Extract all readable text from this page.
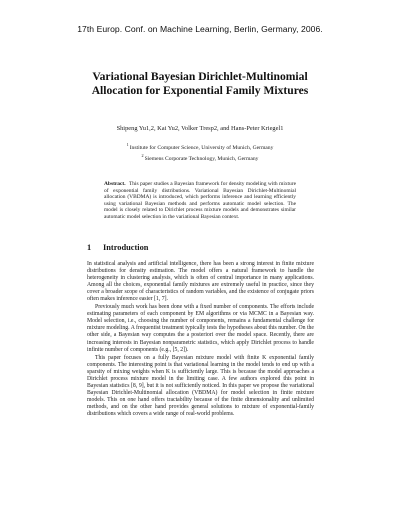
17th Europ. Conf. on Machine Learning, Berlin, Germany, 2006.
Variational Bayesian Dirichlet-Multinomial Allocation for Exponential Family Mixtures
Shipeng Yu1,2, Kai Yu2, Volker Tresp2, and Hans-Peter Kriegel1
$^1$Institute for Computer Science, University of Munich, Germany
$^2$Siemens Corporate Technology, Munich, Germany
Abstract. This paper studies a Bayesian framework for density modeling with mixture of exponential family distributions. Variational Bayesian Dirichlet-Multinomial allocation (VBDMA) is introduced, which performs inference and learning efficiently using variational Bayesian methods and performs automatic model selection. The model is closely related to Dirichlet process mixture models and demonstrates similar automatic model selection in the variational Bayesian context.
1 Introduction

In statistical analysis and artificial intelligence, there has been a strong interest in finite mixture distributions for density estimation. The model offers a natural framework to handle the heterogeneity in clustering analysis, which is often of central importance in many applications. Among all the choices, exponential family mixtures are extremely useful in practice, since they cover a broader scope of characteristics of random variables, and the existence of conjugate priors often makes inference easier [1, 7].

Previously much work has been done with a fixed number of components. The efforts include estimating parameters of each component by EM algorithms or via MCMC in a Bayesian way. Model selection, i.e., choosing the number of components, remains a fundamental challenge for mixture modeling. A frequentist treatment typically tests the hypotheses about this number. On the other side, a Bayesian way computes the a posteriori over the model space. Recently, there are increasing interests in Bayesian nonparametric statistics, which apply Dirichlet process to handle infinite number of components (e.g., [5, 2]).

This paper focuses on a fully Bayesian mixture model with finite K exponential family components. The interesting point is that variational learning in the model tends to end up with a sparsity of mixing weights when K is sufficiently large. This is because the model approaches a Dirichlet process mixture model in the limiting case. A few authors explored this point in Bayesian statistics [8, 9], but it is not sufficiently noticed. In this paper we propose the variational Bayesian Dirichlet-Multinomial allocation (VBDMA) for model selection in finite mixture models. This on one hand offers tractability because of the finite dimensionality and unlimited methods, and on the other hand provides general solutions to mixture of exponential-family distributions which covers a wide range of real-world problems.
